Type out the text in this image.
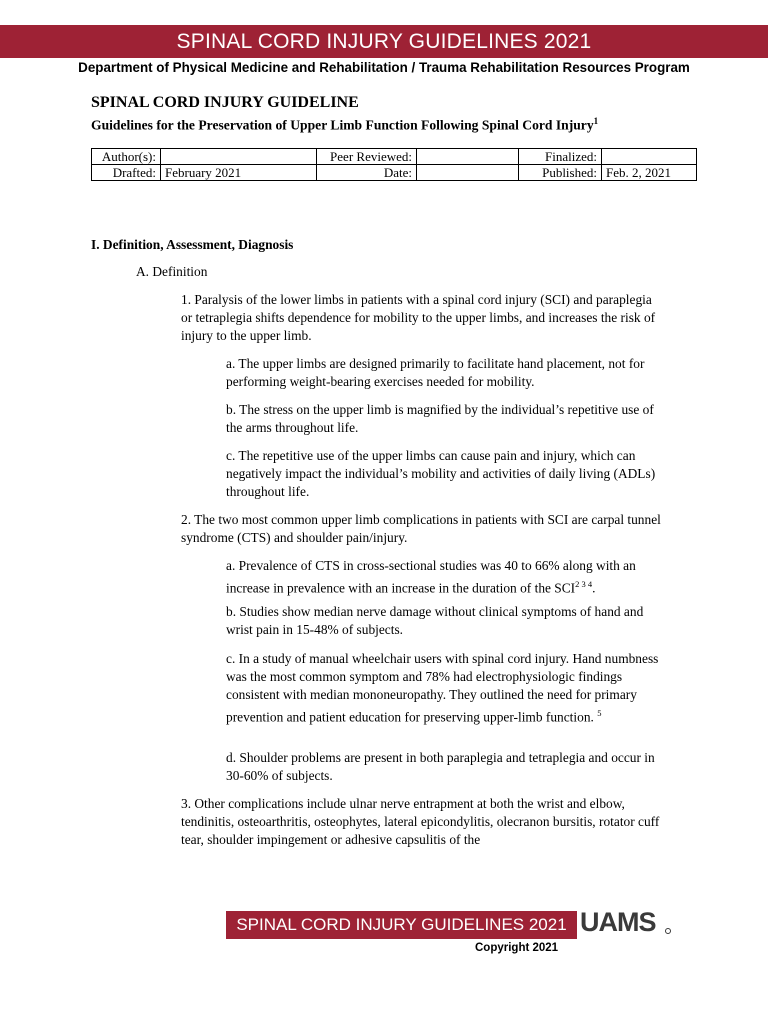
SPINAL CORD INJURY GUIDELINES 2021
Department of Physical Medicine and Rehabilitation / Trauma Rehabilitation Resources Program
SPINAL CORD INJURY GUIDELINE
Guidelines for the Preservation of Upper Limb Function Following Spinal Cord Injury$^1$
Author(s):		Peer Reviewed:		Finalized:	
Drafted:	February 2021	Date:		Published:	Feb. 2, 2021
I. Definition, Assessment, Diagnosis
A. Definition
1. Paralysis of the lower limbs in patients with a spinal cord injury (SCI) and paraplegia or tetraplegia shifts dependence for mobility to the upper limbs, and increases the risk of injury to the upper limb.
a. The upper limbs are designed primarily to facilitate hand placement, not for performing weight-bearing exercises needed for mobility.
b. The stress on the upper limb is magnified by the individual’s repetitive use of the arms throughout life.
c. The repetitive use of the upper limbs can cause pain and injury, which can negatively impact the individual’s mobility and activities of daily living (ADLs) throughout life.
2. The two most common upper limb complications in patients with SCI are carpal tunnel syndrome (CTS) and shoulder pain/injury.
a. Prevalence of CTS in cross-sectional studies was 40 to 66% along with an increase in prevalence with an increase in the duration of the $SCI^{2 3 4}$.
b. Studies show median nerve damage without clinical symptoms of hand and wrist pain in 15-48% of subjects.
c. In a study of manual wheelchair users with spinal cord injury. Hand numbness was the most common symptom and 78% had electrophysiologic findings consistent with median mononeuropathy. They outlined the need for primary prevention and patient education for preserving upper-limb function. $^5$
d. Shoulder problems are present in both paraplegia and tetraplegia and occur in 30-60% of subjects.
3. Other complications include ulnar nerve entrapment at both the wrist and elbow, tendinitis, osteoarthritis, osteophytes, lateral epicondylitis, olecranon bursitis, rotator cuff tear, shoulder impingement or adhesive capsulitis of the
SPINAL CORD INJURY GUIDELINES 2021 UAMS
Copyright 2021
